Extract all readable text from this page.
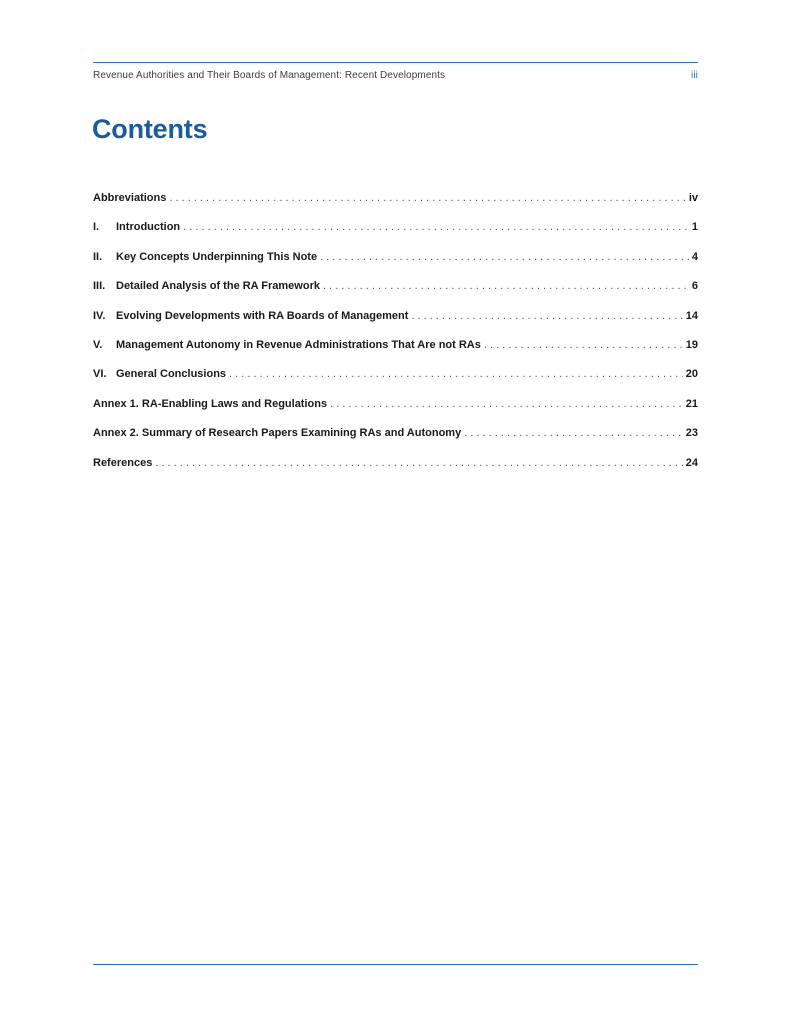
Revenue Authorities and Their Boards of Management: Recent Developments	iii
Contents
Abbreviations . . .	iv
I.	Introduction . . .	1
II.	Key Concepts Underpinning This Note . . .	4
III. Detailed Analysis of the RA Framework . . .	6
IV. Evolving Developments with RA Boards of Management . . .	14
V.	Management Autonomy in Revenue Administrations That Are not RAs . . .	19
VI. General Conclusions . . .	20
Annex 1. RA-Enabling Laws and Regulations . . .	21
Annex 2. Summary of Research Papers Examining RAs and Autonomy . . .	23
References . . .	24
